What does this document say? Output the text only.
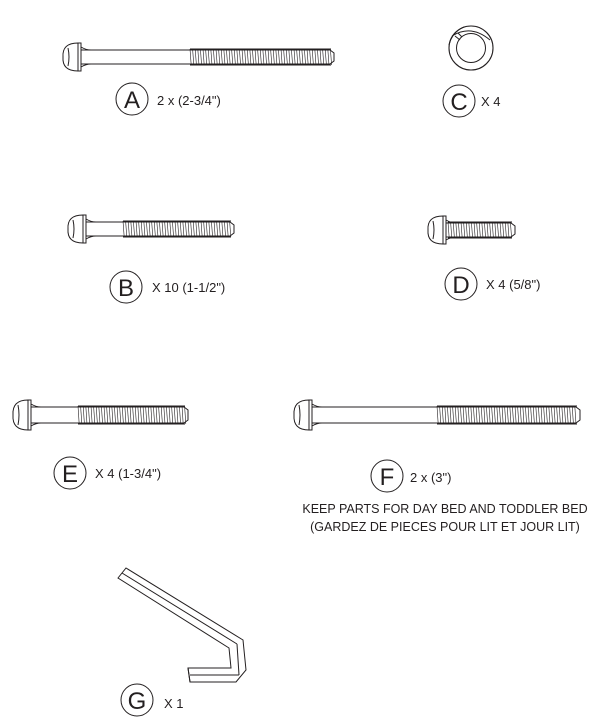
A 2 x (2-3/4")	C X 4
B X 10 (1-1/2")	D X 4 (5/8")
E X 4 (1-3/4")	F 2 x (3")
KEEP PARTS FOR DAY BED AND TODDLER BED
(GARDEZ DE PIECES POUR LIT ET JOUR LIT)
G X 1
